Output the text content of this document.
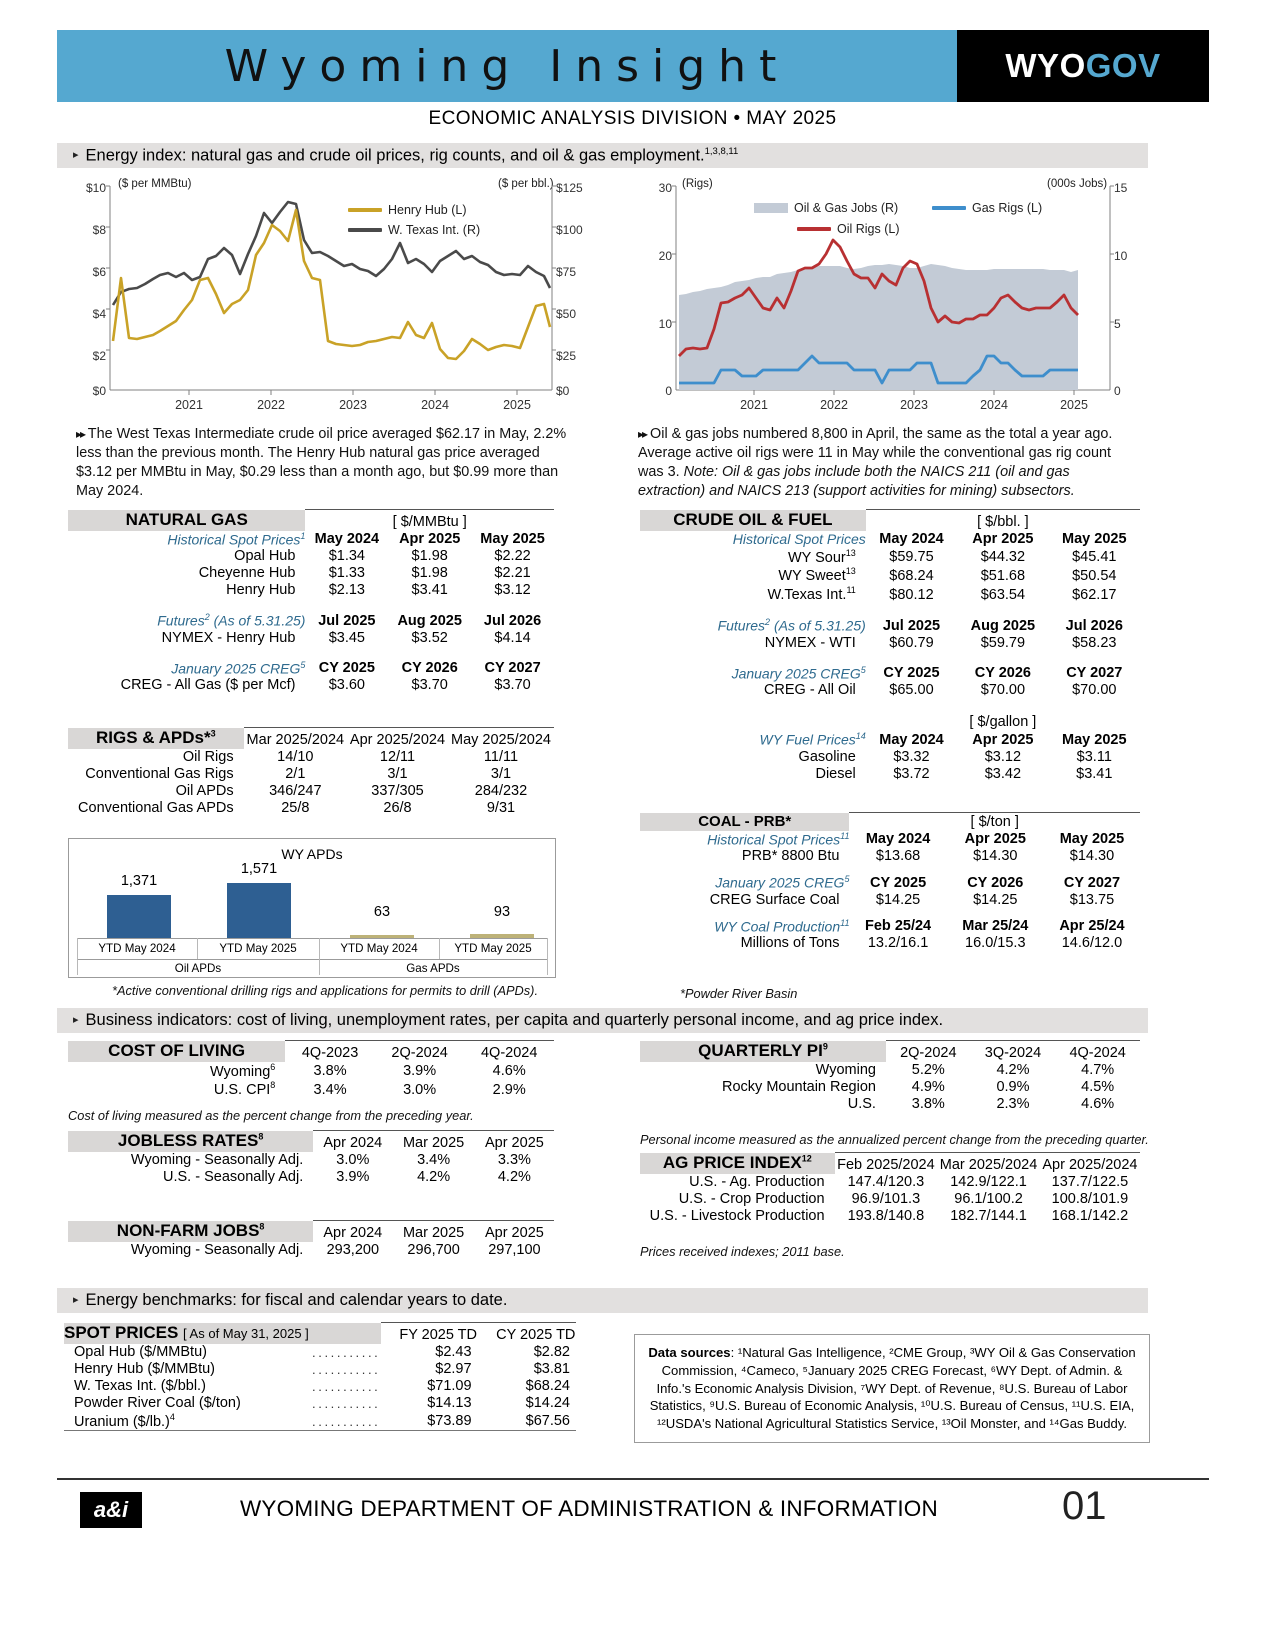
Wyoming Insight	WYOGOV
ECONOMIC ANALYSIS DIVISION • MAY 2025
▸ Energy index: natural gas and crude oil prices, rig counts, and oil & gas employment.$^{1,3,8,11}$
($ per MMBtu)	($ per bbl.)
$10
$8
$6
$4
$2
$0
$125
$100
$75
$50
$25
$0
Henry Hub (L)
W. Texas Int. (R)
2021	2022	2023	2024	2025
(Rigs)	(000s Jobs)
30
20
10
0
15
10
5
0
Oil & Gas Jobs (R)	Gas Rigs (L)
Oil Rigs (L)
2021	2022	2023	2024	2025
▸▸ The West Texas Intermediate crude oil price averaged $62.17 in May, 2.2% less than the previous month. The Henry Hub natural gas price averaged $3.12 per MMBtu in May, $0.29 less than a month ago, but $0.99 more than May 2024.
▸▸ Oil & gas jobs numbered 8,800 in April, the same as the total a year ago. Average active oil rigs were 11 in May while the conventional gas rig count was 3. Note: Oil & gas jobs include both the NAICS 211 (oil and gas extraction) and NAICS 213 (support activities for mining) subsectors.
NATURAL GAS	[ $/MMBtu ]		
Historical Spot Prices$^1$	May 2024	Apr 2025	May 2025
Opal Hub	$1.34	$1.98	$2.22
Cheyenne Hub	$1.33	$1.98	$2.21
Henry Hub	$2.13	$3.41	$3.12

Futures$^2$ (As of 5.31.25)	Jul 2025	Aug 2025	Jul 2026
NYMEX - Henry Hub	$3.45	$3.52	$4.14

January 2025 CREG$^5$	CY 2025	CY 2026	CY 2027
CREG - All Gas ($ per Mcf)	$3.60	$3.70	$3.70
RIGS & APDs*$^3$	Mar 2025/2024	Apr 2025/2024	May 2025/2024
Oil Rigs	14/10	12/11	11/11
Conventional Gas Rigs	2/1	3/1	3/1
Oil APDs	346/247	337/305	284/232
Conventional Gas APDs	25/8	26/8	9/31
WY APDs
1,371
1,571
63	93
YTD May 2024	YTD May 2025	YTD May 2024	YTD May 2025
Oil APDs	Gas APDs
*Active conventional drilling rigs and applications for permits to drill (APDs).
CRUDE OIL & FUEL	[ $/bbl. ]		
Historical Spot Prices	May 2024	Apr 2025	May 2025
WY Sour$^{13}$	$59.75	$44.32	$45.41
WY Sweet$^{13}$	$68.24	$51.68	$50.54
W.Texas Int.$^{11}$	$80.12	$63.54	$62.17

Futures$^2$ (As of 5.31.25)	Jul 2025	Aug 2025	Jul 2026
NYMEX - WTI	$60.79	$59.79	$58.23

January 2025 CREG$^5$	CY 2025	CY 2026	CY 2027
CREG - All Oil	$65.00	$70.00	$70.00

	[ $/gallon ]		
WY Fuel Prices$^{14}$	May 2024	Apr 2025	May 2025
Gasoline	$3.32	$3.12	$3.11
Diesel	$3.72	$3.42	$3.41
COAL - PRB*	[ $/ton ]		
Historical Spot Prices$^{11}$	May 2024	Apr 2025	May 2025
PRB* 8800 Btu	$13.68	$14.30	$14.30

January 2025 CREG$^5$	CY 2025	CY 2026	CY 2027
CREG Surface Coal	$14.25	$14.25	$13.75

WY Coal Production$^{11}$	Feb 25/24	Mar 25/24	Apr 25/24
Millions of Tons	13.2/16.1	16.0/15.3	14.6/12.0
*Powder River Basin
▸ Business indicators: cost of living, unemployment rates, per capita and quarterly personal income, and ag price index.
COST OF LIVING	4Q-2023	2Q-2024	4Q-2024
Wyoming$^6$	3.8%	3.9%	4.6%
U.S. CPI$^8$	3.4%	3.0%	2.9%
Cost of living measured as the percent change from the preceding year.
JOBLESS RATES$^8$	Apr 2024	Mar 2025	Apr 2025
Wyoming - Seasonally Adj.	3.0%	3.4%	3.3%
U.S. - Seasonally Adj.	3.9%	4.2%	4.2%
NON-FARM JOBS$^8$	Apr 2024	Mar 2025	Apr 2025
Wyoming - Seasonally Adj.	293,200	296,700	297,100
QUARTERLY $PI^9$	2Q-2024	3Q-2024	4Q-2024
Wyoming	5.2%	4.2%	4.7%
Rocky Mountain Region	4.9%	0.9%	4.5%
U.S.	3.8%	2.3%	4.6%
Personal income measured as the annualized percent change from the preceding quarter.
AG PRICE INDEX$^{12}$	Feb 2025/2024	Mar 2025/2024	Apr 2025/2024
U.S. - Ag. Production	147.4/120.3	142.9/122.1	137.7/122.5
U.S. - Crop Production	96.9/101.3	96.1/100.2	100.8/101.9
U.S. - Livestock Production	193.8/140.8	182.7/144.1	168.1/142.2
Prices received indexes; 2011 base.
▸ Energy benchmarks: for fiscal and calendar years to date.
SPOT PRICES [ As of May 31, 2025 ]		FY 2025 TD	CY 2025 TD
Opal Hub ($/MMBtu)	...........	$2.43	$2.82
Henry Hub ($/MMBtu)	...........	$2.97	$3.81
W. Texas Int. ($/bbl.)	...........	$71.09	$68.24
Powder River Coal ($/ton)	...........	$14.13	$14.24
Uranium ($/lb.)$^4$	...........	$73.89	$67.56
Data sources: ¹Natural Gas Intelligence, ²CME Group, ³WY Oil & Gas Conservation Commission, ⁴Cameco, ⁵January 2025 CREG Forecast, ⁶WY Dept. of Admin. & Info.'s Economic Analysis Division, ⁷WY Dept. of Revenue, ⁸U.S. Bureau of Labor Statistics, ⁹U.S. Bureau of Economic Analysis, ¹⁰U.S. Bureau of Census, ¹¹U.S. EIA, ¹²USDA's National Agricultural Statistics Service, ¹³Oil Monster, and ¹⁴Gas Buddy.
a&i	WYOMING DEPARTMENT OF ADMINISTRATION & INFORMATION	01
